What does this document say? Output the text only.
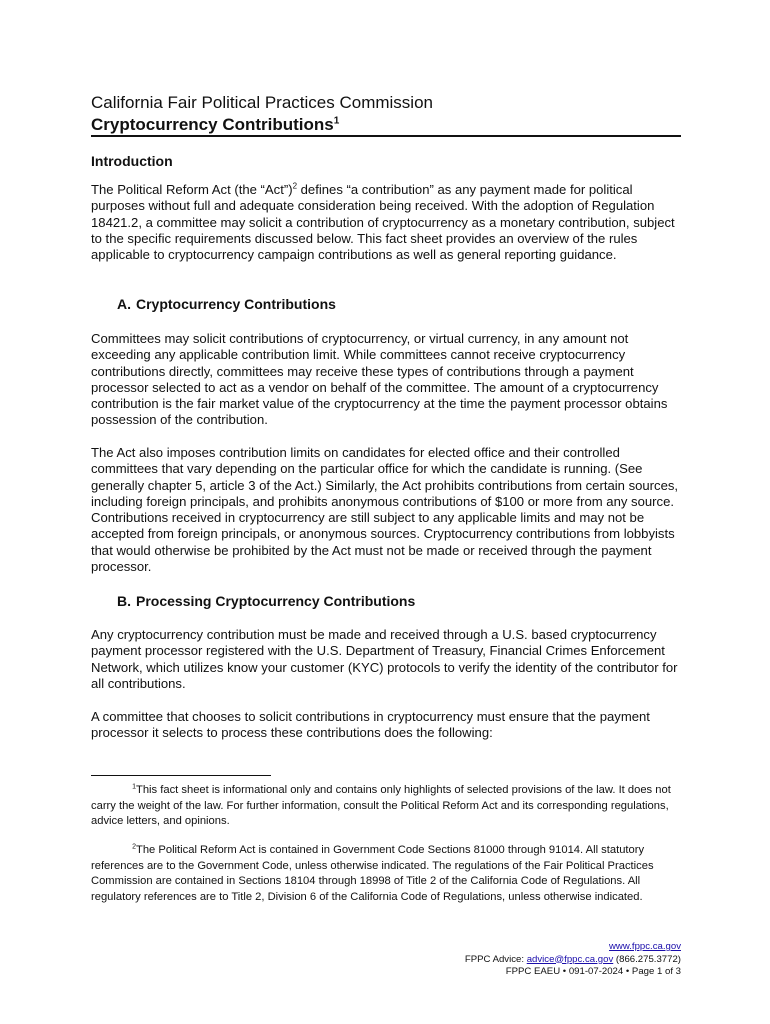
California Fair Political Practices Commission
Cryptocurrency Contributions$^1$
Introduction
The Political Reform Act (the “Act”)$^2$ defines “a contribution” as any payment made for political purposes without full and adequate consideration being received. With the adoption of Regulation 18421.2, a committee may solicit a contribution of cryptocurrency as a monetary contribution, subject to the specific requirements discussed below. This fact sheet provides an overview of the rules applicable to cryptocurrency campaign contributions as well as general reporting guidance.
A. Cryptocurrency Contributions
Committees may solicit contributions of cryptocurrency, or virtual currency, in any amount not exceeding any applicable contribution limit. While committees cannot receive cryptocurrency contributions directly, committees may receive these types of contributions through a payment processor selected to act as a vendor on behalf of the committee. The amount of a cryptocurrency contribution is the fair market value of the cryptocurrency at the time the payment processor obtains possession of the contribution.
The Act also imposes contribution limits on candidates for elected office and their controlled committees that vary depending on the particular office for which the candidate is running. (See generally chapter 5, article 3 of the Act.) Similarly, the Act prohibits contributions from certain sources, including foreign principals, and prohibits anonymous contributions of $100 or more from any source. Contributions received in cryptocurrency are still subject to any applicable limits and may not be accepted from foreign principals, or anonymous sources. Cryptocurrency contributions from lobbyists that would otherwise be prohibited by the Act must not be made or received through the payment processor.
B. Processing Cryptocurrency Contributions
Any cryptocurrency contribution must be made and received through a U.S. based cryptocurrency payment processor registered with the U.S. Department of Treasury, Financial Crimes Enforcement Network, which utilizes know your customer (KYC) protocols to verify the identity of the contributor for all contributions.
A committee that chooses to solicit contributions in cryptocurrency must ensure that the payment processor it selects to process these contributions does the following:
$^1$This fact sheet is informational only and contains only highlights of selected provisions of the law. It does not carry the weight of the law. For further information, consult the Political Reform Act and its corresponding regulations, advice letters, and opinions.
$^2$The Political Reform Act is contained in Government Code Sections 81000 through 91014. All statutory references are to the Government Code, unless otherwise indicated. The regulations of the Fair Political Practices Commission are contained in Sections 18104 through 18998 of Title 2 of the California Code of Regulations. All regulatory references are to Title 2, Division 6 of the California Code of Regulations, unless otherwise indicated.
www.fppc.ca.gov
FPPC Advice: advice@fppc.ca.gov (866.275.3772)
FPPC EAEU • 091-07-2024 • Page 1 of 3
